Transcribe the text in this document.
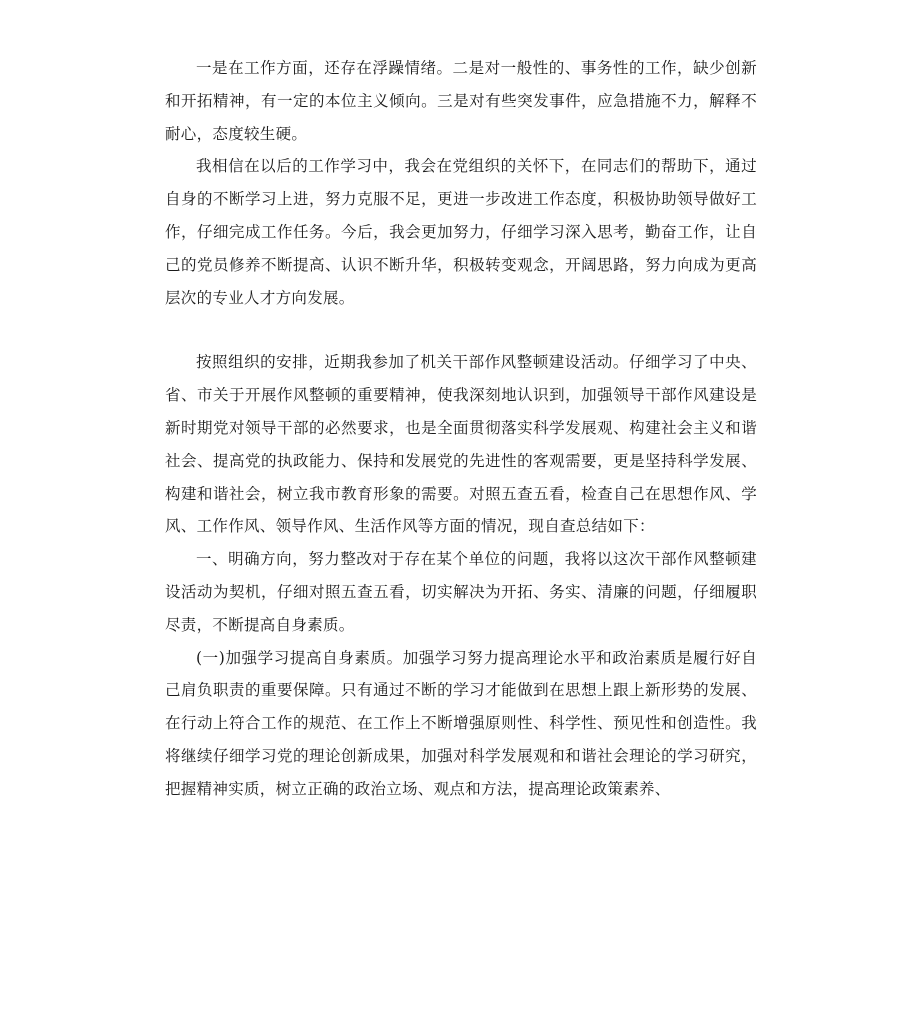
一是在工作方面，还存在浮躁情绪。二是对一般性的、事务性的工作，缺少创新和开拓精神，有一定的本位主义倾向。三是对有些突发事件，应急措施不力，解释不耐心，态度较生硬。

我相信在以后的工作学习中，我会在党组织的关怀下，在同志们的帮助下，通过自身的不断学习上进，努力克服不足，更进一步改进工作态度，积极协助领导做好工作，仔细完成工作任务。今后，我会更加努力，仔细学习深入思考，勤奋工作，让自己的党员修养不断提高、认识不断升华，积极转变观念，开阔思路，努力向成为更高层次的专业人才方向发展。

按照组织的安排，近期我参加了机关干部作风整顿建设活动。仔细学习了中央、省、市关于开展作风整顿的重要精神，使我深刻地认识到，加强领导干部作风建设是新时期党对领导干部的必然要求，也是全面贯彻落实科学发展观、构建社会主义和谐社会、提高党的执政能力、保持和发展党的先进性的客观需要，更是坚持科学发展、构建和谐社会，树立我市教育形象的需要。对照五查五看，检查自己在思想作风、学风、工作作风、领导作风、生活作风等方面的情况，现自查总结如下：

一、明确方向，努力整改对于存在某个单位的问题，我将以这次干部作风整顿建设活动为契机，仔细对照五查五看，切实解决为开拓、务实、清廉的问题，仔细履职尽责，不断提高自身素质。

(一)加强学习提高自身素质。加强学习努力提高理论水平和政治素质是履行好自己肩负职责的重要保障。只有通过不断的学习才能做到在思想上跟上新形势的发展、在行动上符合工作的规范、在工作上不断增强原则性、科学性、预见性和创造性。我将继续仔细学习党的理论创新成果，加强对科学发展观和和谐社会理论的学习研究，把握精神实质，树立正确的政治立场、观点和方法，提高理论政策素养、
